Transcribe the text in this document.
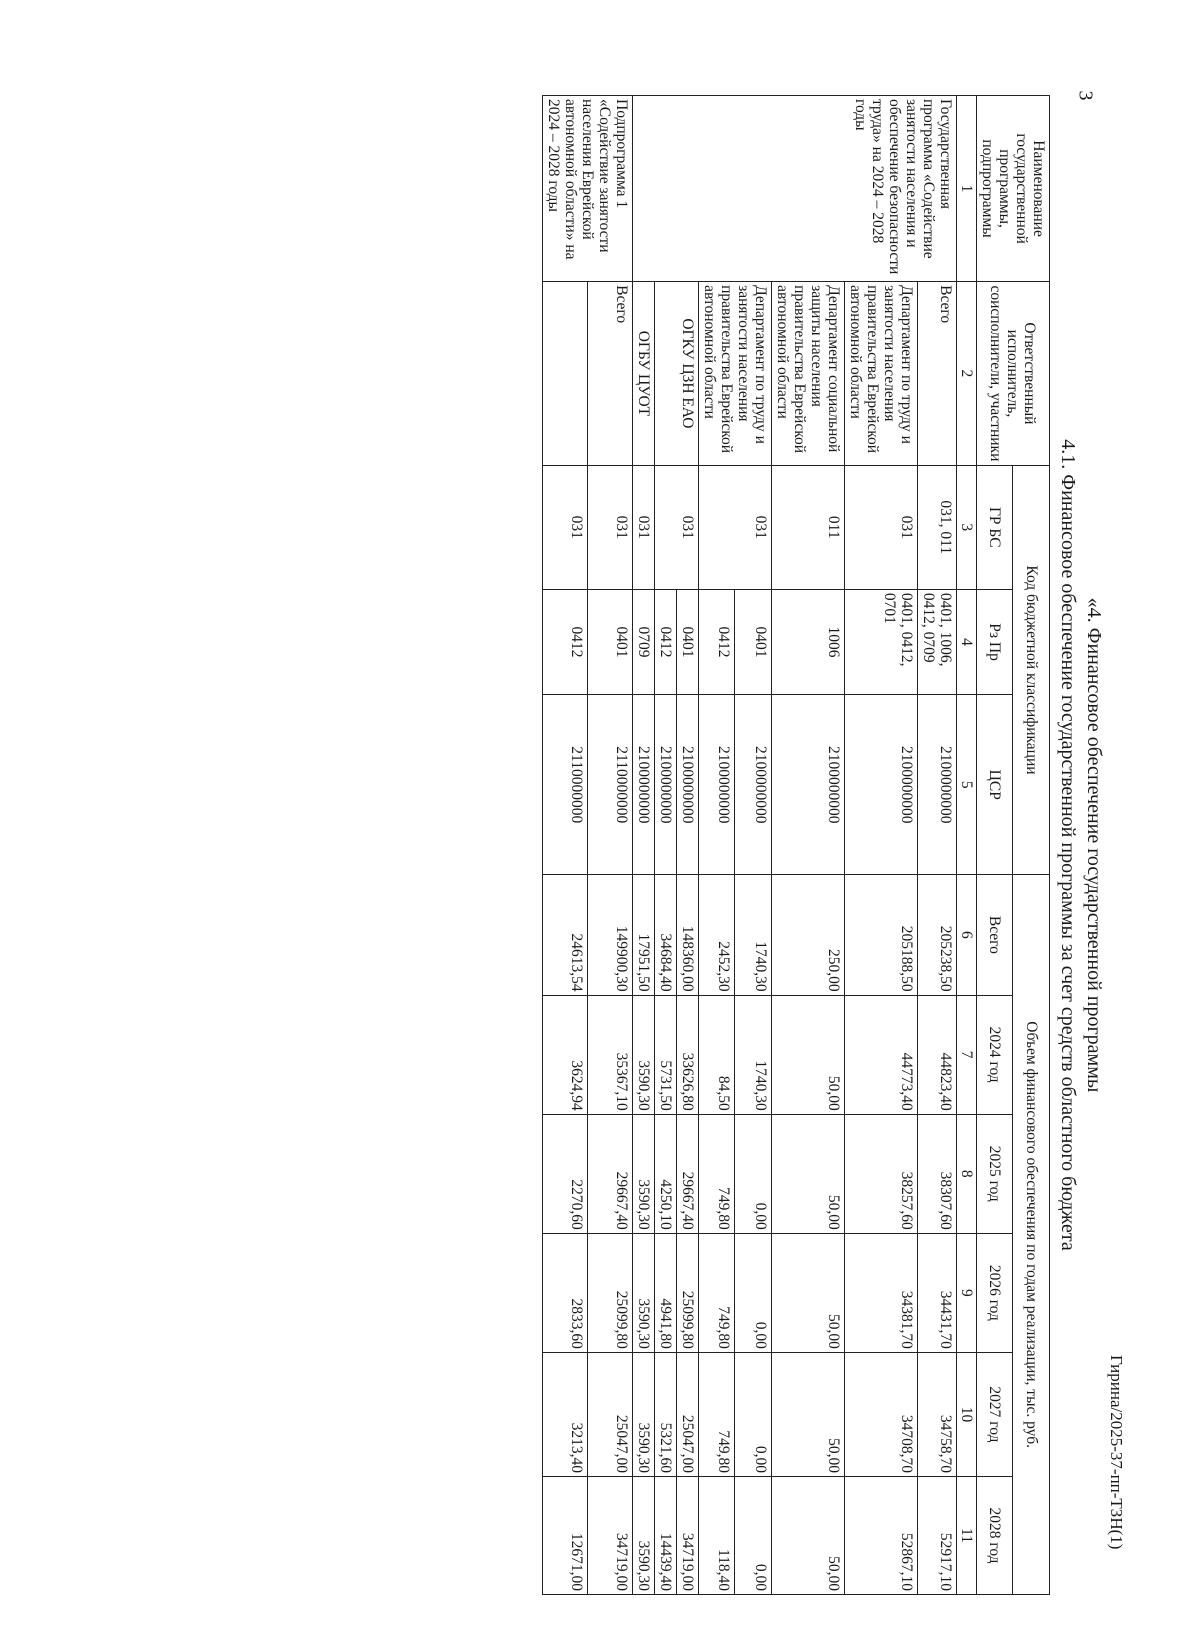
3
«4. Финансовое обеспечение государственной программы
4.1. Финансовое обеспечение государственной программы за счет средств областного бюджета
Наименование государственной программы, подпрограммы	Ответственный исполнитель, соисполнители, участники	Код бюджетной классификации			Объем финансового обеспечения по годам реализации, тыс. руб.					
		ГР БС	Рз Пр	ЦСР	Всего	2024 год	2025 год	2026 год	2027 год	2028 год
1	2	3	4	5	6	7	8	9	10	11
Государственная программа «Содействие занятости населения и обеспечение безопасности труда» на 2024 – 2028 годы	Всего	031, 011	0401, 1006, 0412, 0709	2100000000	205238,50	44823,40	38307,60	34431,70	34758,70	52917,10
	Департамент по труду и занятости населения правительства Еврейской автономной области	031	0401, 0412, 0701	2100000000	205188,50	44773,40	38257,60	34381,70	34708,70	52867,10
	Департамент социальной защиты населения правительства Еврейской автономной области	011	1006	2100000000	250,00	50,00	50,00	50,00	50,00	50,00
	Департамент по труду и занятости населения правительства Еврейской автономной области	031	0401	2100000000	1740,30	1740,30	0,00	0,00	0,00	0,00
			0412	2100000000	2452,30	84,50	749,80	749,80	749,80	118,40
	ОГКУ ЦЗН ЕАО	031	0401	2100000000	148360,00	33626,80	29667,40	25099,80	25047,00	34719,00
			0412	2100000000	34684,40	5731,50	4250,10	4941,80	5321,60	14439,40
	ОГБУ ЦУОТ	031	0709	2100000000	17951,50	3590,30	3590,30	3590,30	3590,30	3590,30
Подпрограмма 1 «Содействие занятости населения Еврейской автономной области» на 2024 – 2028 годы	Всего	031	0401	2110000000	149900,30	35367,10	29667,40	25099,80	25047,00	34719,00
		031	0412	2110000000	24613,54	3624,94	2270,60	2833,60	3213,40	12671,00
Гирина/2025-37-пп-ТЗН(1)
